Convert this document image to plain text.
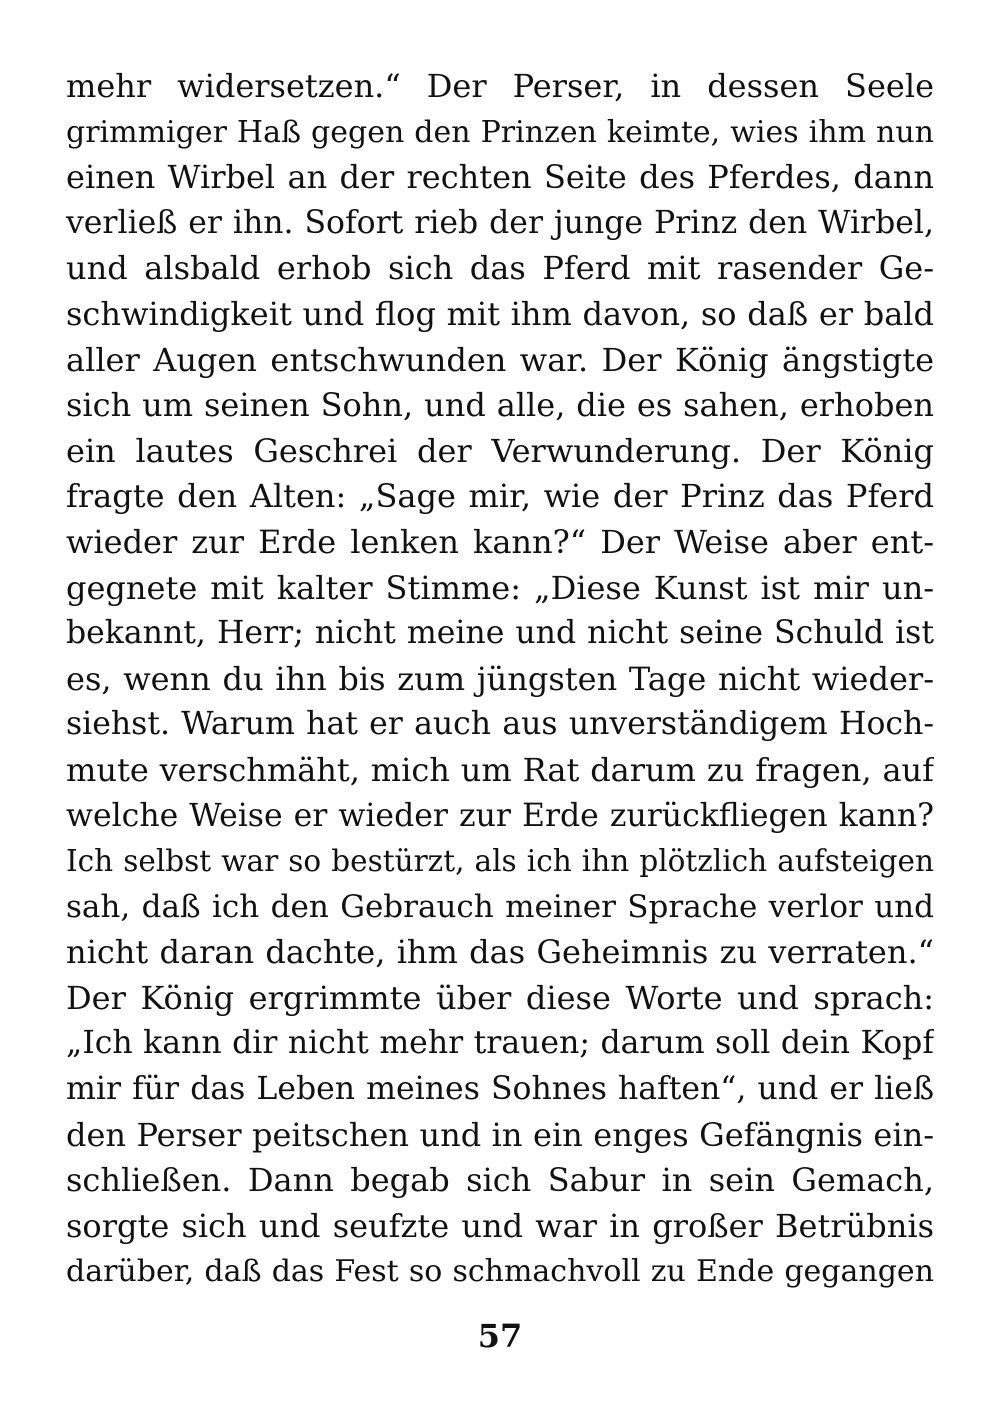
mehr widersetzen.“ Der Perser, in dessen Seele
grimmiger Haß gegen den Prinzen keimte, wies ihm nun
einen Wirbel an der rechten Seite des Pferdes, dann
verließ er ihn. Sofort rieb der junge Prinz den Wirbel,
und alsbald erhob sich das Pferd mit rasender Ge-
schwindigkeit und flog mit ihm davon, so daß er bald
aller Augen entschwunden war. Der König ängstigte
sich um seinen Sohn, und alle, die es sahen, erhoben
ein lautes Geschrei der Verwunderung. Der König
fragte den Alten: „Sage mir, wie der Prinz das Pferd
wieder zur Erde lenken kann?“ Der Weise aber ent-
gegnete mit kalter Stimme: „Diese Kunst ist mir un-
bekannt, Herr; nicht meine und nicht seine Schuld ist
es, wenn du ihn bis zum jüngsten Tage nicht wieder-
siehst. Warum hat er auch aus unverständigem Hoch-
mute verschmäht, mich um Rat darum zu fragen, auf
welche Weise er wieder zur Erde zurückfliegen kann?
Ich selbst war so bestürzt, als ich ihn plötzlich aufsteigen
sah, daß ich den Gebrauch meiner Sprache verlor und
nicht daran dachte, ihm das Geheimnis zu verraten.“
Der König ergrimmte über diese Worte und sprach:
„Ich kann dir nicht mehr trauen; darum soll dein Kopf
mir für das Leben meines Sohnes haften“, und er ließ
den Perser peitschen und in ein enges Gefängnis ein-
schließen. Dann begab sich Sabur in sein Gemach,
sorgte sich und seufzte und war in großer Betrübnis
darüber, daß das Fest so schmachvoll zu Ende gegangen
57
